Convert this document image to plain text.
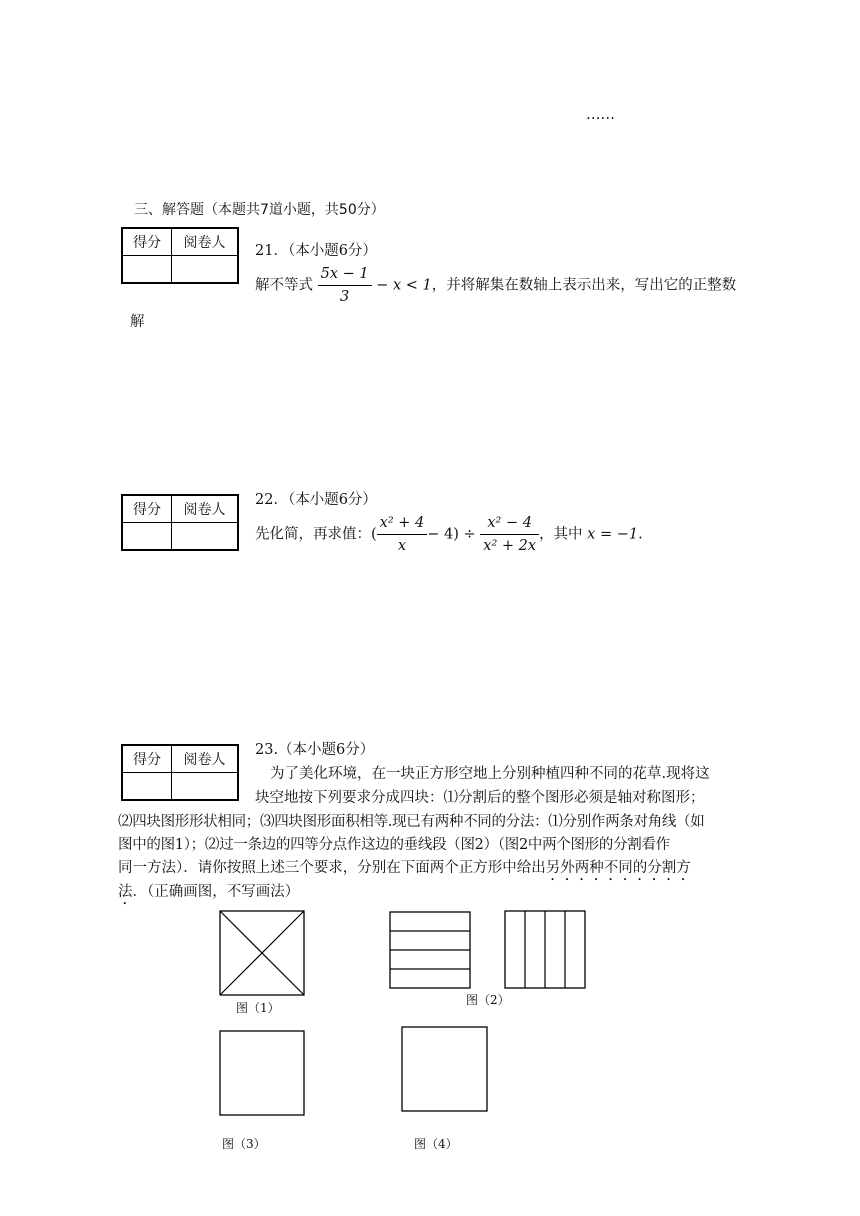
……
三、解答题（本题共7道小题，共50分）
得分	阅卷人
	21．（本小题6分）
解不等式 $\frac{5x - 1}{3} - x < 1$，并将解集在数轴上表示出来，写出它的正整数
解
得分	阅卷人

22．（本小题6分）
先化简，再求值：( $\frac{\text{x² + 4}}{x} - 4) \div \frac{\text{x² − 4}}{\text{x² + 2x}}$ ，其中 x = −1.
得分	阅卷人

23.（本小题6分）
为了美化环境，在一块正方形空地上分别种植四种不同的花草.现将这
块空地按下列要求分成四块：⑴分割后的整个图形必须是轴对称图形；
⑵四块图形形状相同；⑶四块图形面积相等.现已有两种不同的分法：⑴分别作两条对角线（如
图中的图1）；⑵过一条边的四等分点作这边的垂线段（图2）（图2中两个图形的分割看作
同一方法）．请你按照上述三个要求，分别在下面两个正方形中给出另外两种不同的分割方
法．（正确画图，不写画法）
图（1）
图（2）
图（3）	图（4）
